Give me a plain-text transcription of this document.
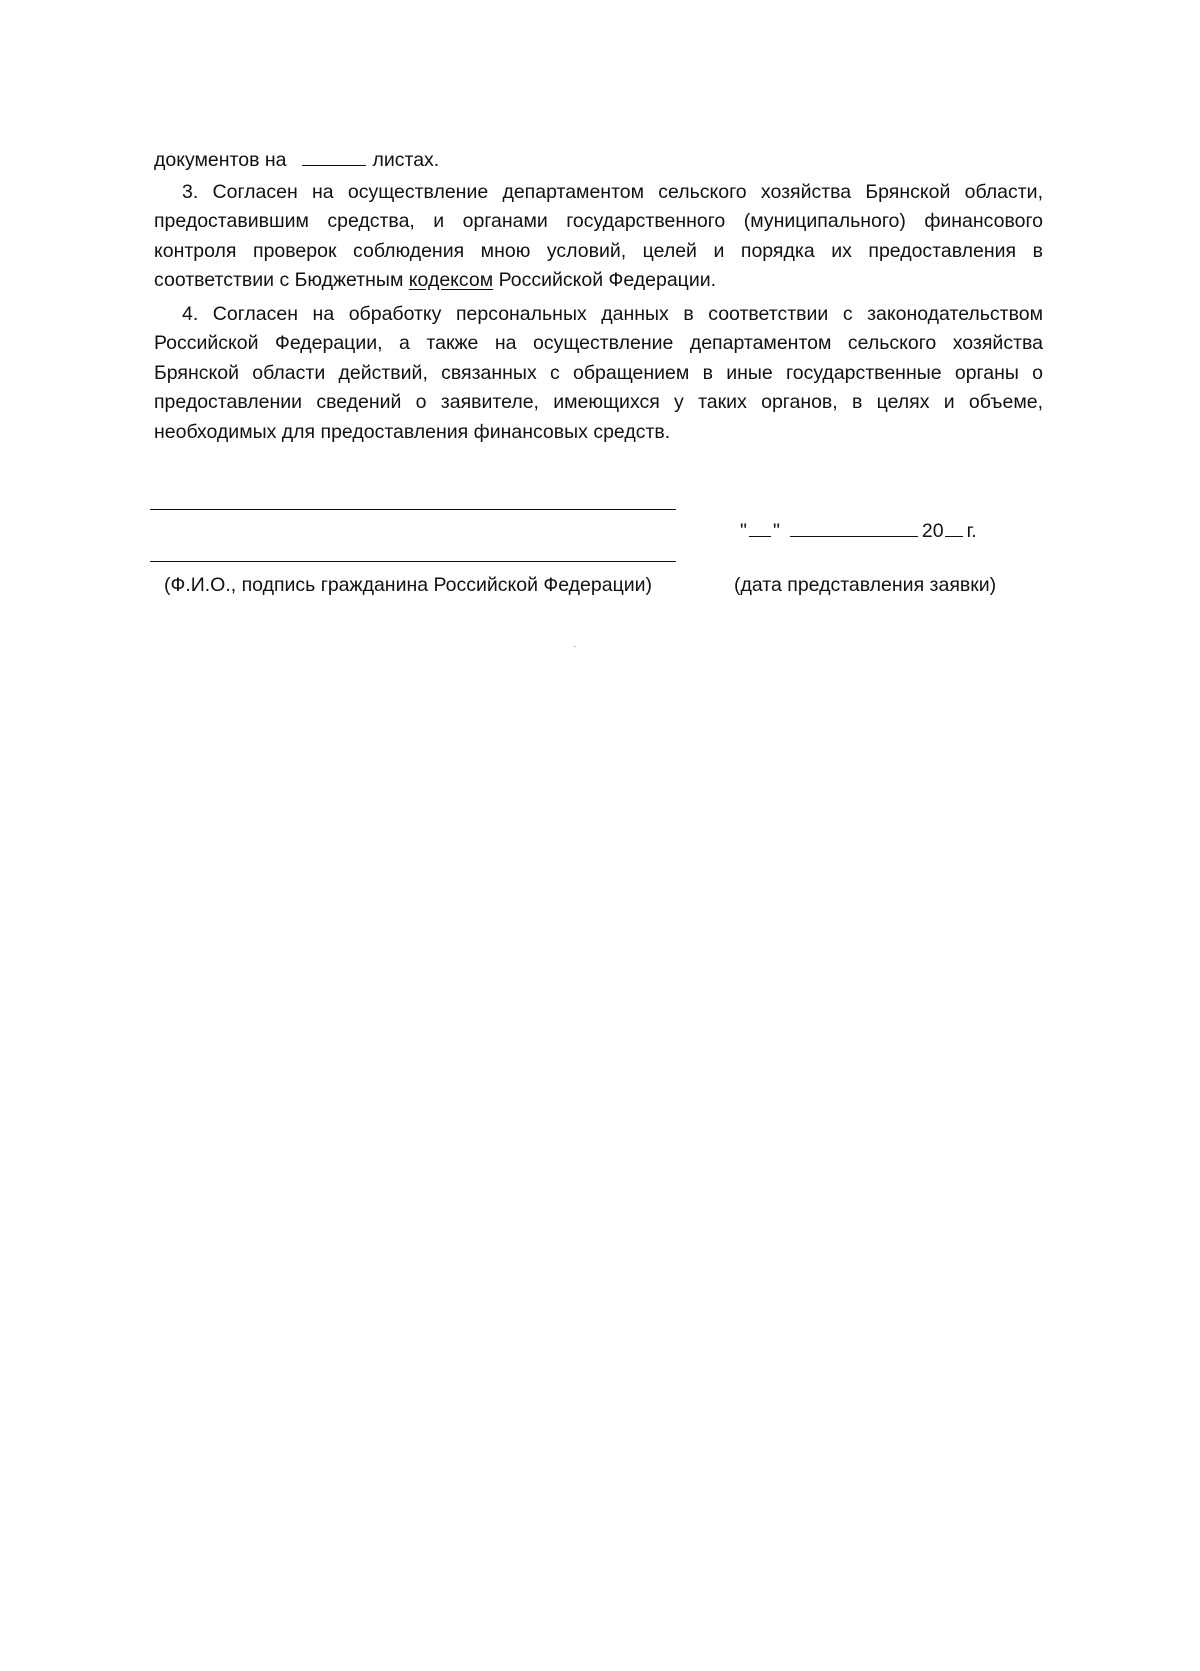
документов на	листах.

3. Согласен на осуществление департаментом сельского хозяйства Брянской области, предоставившим средства, и органами государственного (муниципального) финансового контроля проверок соблюдения мною условий, целей и порядка их предоставления в соответствии с Бюджетным кодексом Российской Федерации.

4. Согласен на обработку персональных данных в соответствии с законодательством Российской Федерации, а также на осуществление департаментом сельского хозяйства Брянской области действий, связанных с обращением в иные государственные органы о предоставлении сведений о заявителе, имеющихся у таких органов, в целях и объеме, необходимых для предоставления финансовых средств.

" "	20 г.
(Ф.И.О., подпись гражданина Российской Федерации)	(дата представления заявки)
